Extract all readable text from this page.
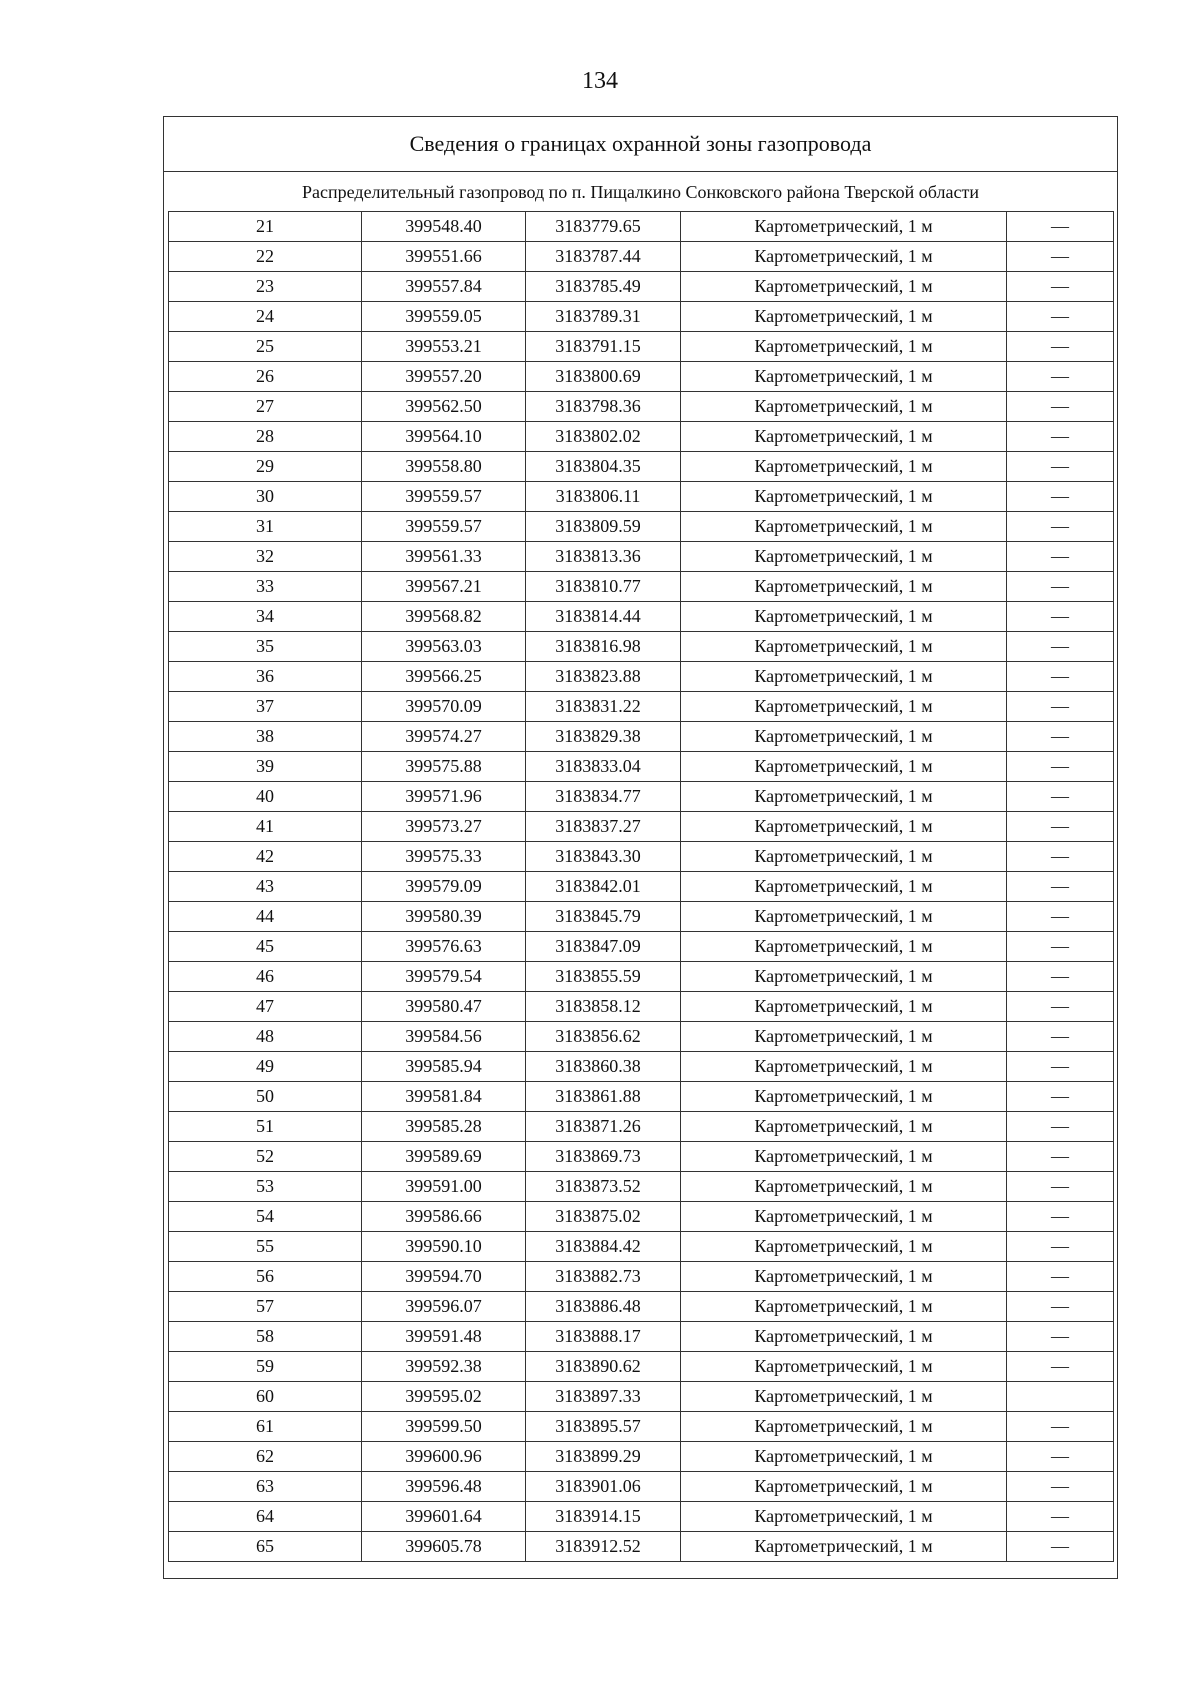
134
Сведения о границах охранной зоны газопровода
Распределительный газопровод по п. Пищалкино Сонковского района Тверской области
21	399548.40	3183779.65	Картометрический, 1 м	—
22	399551.66	3183787.44	Картометрический, 1 м	—
23	399557.84	3183785.49	Картометрический, 1 м	—
24	399559.05	3183789.31	Картометрический, 1 м	—
25	399553.21	3183791.15	Картометрический, 1 м	—
26	399557.20	3183800.69	Картометрический, 1 м	—
27	399562.50	3183798.36	Картометрический, 1 м	—
28	399564.10	3183802.02	Картометрический, 1 м	—
29	399558.80	3183804.35	Картометрический, 1 м	—
30	399559.57	3183806.11	Картометрический, 1 м	—
31	399559.57	3183809.59	Картометрический, 1 м	—
32	399561.33	3183813.36	Картометрический, 1 м	—
33	399567.21	3183810.77	Картометрический, 1 м	—
34	399568.82	3183814.44	Картометрический, 1 м	—
35	399563.03	3183816.98	Картометрический, 1 м	—
36	399566.25	3183823.88	Картометрический, 1 м	—
37	399570.09	3183831.22	Картометрический, 1 м	—
38	399574.27	3183829.38	Картометрический, 1 м	—
39	399575.88	3183833.04	Картометрический, 1 м	—
40	399571.96	3183834.77	Картометрический, 1 м	—
41	399573.27	3183837.27	Картометрический, 1 м	—
42	399575.33	3183843.30	Картометрический, 1 м	—
43	399579.09	3183842.01	Картометрический, 1 м	—
44	399580.39	3183845.79	Картометрический, 1 м	—
45	399576.63	3183847.09	Картометрический, 1 м	—
46	399579.54	3183855.59	Картометрический, 1 м	—
47	399580.47	3183858.12	Картометрический, 1 м	—
48	399584.56	3183856.62	Картометрический, 1 м	—
49	399585.94	3183860.38	Картометрический, 1 м	—
50	399581.84	3183861.88	Картометрический, 1 м	—
51	399585.28	3183871.26	Картометрический, 1 м	—
52	399589.69	3183869.73	Картометрический, 1 м	—
53	399591.00	3183873.52	Картометрический, 1 м	—
54	399586.66	3183875.02	Картометрический, 1 м	—
55	399590.10	3183884.42	Картометрический, 1 м	—
56	399594.70	3183882.73	Картометрический, 1 м	—
57	399596.07	3183886.48	Картометрический, 1 м	—
58	399591.48	3183888.17	Картометрический, 1 м	—
59	399592.38	3183890.62	Картометрический, 1 м	—
60	399595.02	3183897.33	Картометрический, 1 м	
61	399599.50	3183895.57	Картометрический, 1 м	—
62	399600.96	3183899.29	Картометрический, 1 м	—
63	399596.48	3183901.06	Картометрический, 1 м	—
64	399601.64	3183914.15	Картометрический, 1 м	—
65	399605.78	3183912.52	Картометрический, 1 м	—
